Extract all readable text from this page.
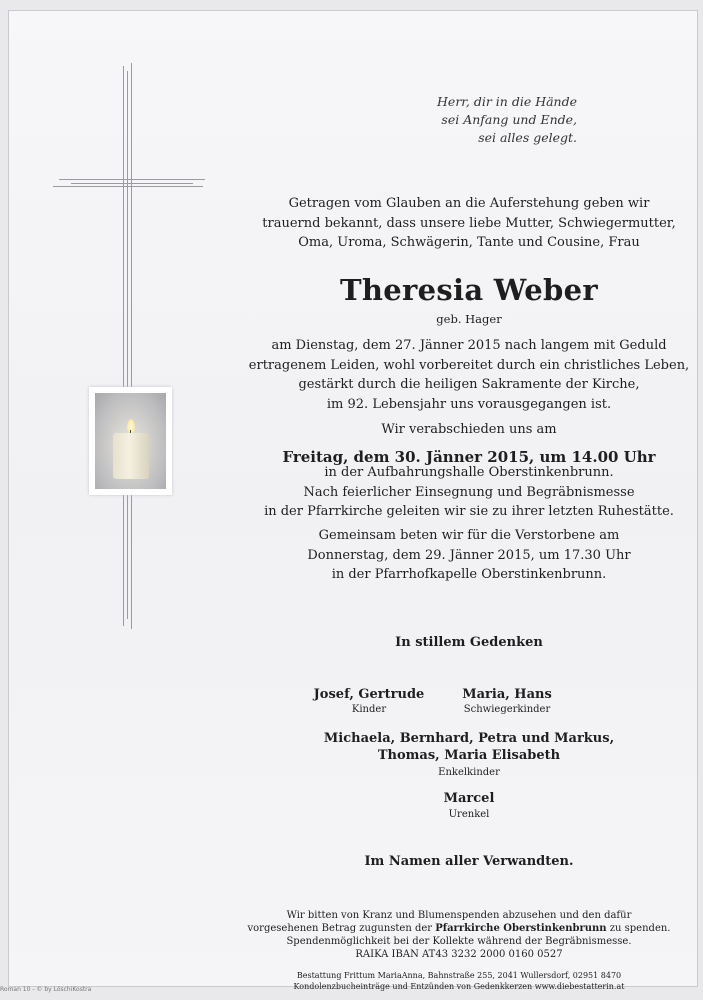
Herr, dir in die Hände
sei Anfang und Ende,
sei alles gelegt.
Getragen vom Glauben an die Auferstehung geben wir
trauernd bekannt, dass unsere liebe Mutter, Schwiegermutter,
Oma, Uroma, Schwägerin, Tante und Cousine, Frau
Theresia Weber
geb. Hager
am Dienstag, dem 27. Jänner 2015 nach langem mit Geduld
ertragenem Leiden, wohl vorbereitet durch ein christliches Leben,
gestärkt durch die heiligen Sakramente der Kirche,
im 92. Lebensjahr uns vorausgegangen ist.
Wir verabschieden uns am
Freitag, dem 30. Jänner 2015, um 14.00 Uhr
in der Aufbahrungshalle Oberstinkenbrunn.
Nach feierlicher Einsegnung und Begräbnismesse
in der Pfarrkirche geleiten wir sie zu ihrer letzten Ruhestätte.
Gemeinsam beten wir für die Verstorbene am
Donnerstag, dem 29. Jänner 2015, um 17.30 Uhr
in der Pfarrhofkapelle Oberstinkenbrunn.
In stillem Gedenken
Josef, Gertrude
Kinder
Maria, Hans
Schwiegerkinder
Michaela, Bernhard, Petra und Markus,
Thomas, Maria Elisabeth
Enkelkinder
Marcel
Urenkel
Im Namen aller Verwandten.
Wir bitten von Kranz und Blumenspenden abzusehen und den dafür
vorgesehenen Betrag zugunsten der Pfarrkirche Oberstinkenbrunn zu spenden.
Spendenmöglichkeit bei der Kollekte während der Begräbnismesse.
RAIKA IBAN AT43 3232 2000 0160 0527
Bestattung Frittum MariaAnna, Bahnstraße 255, 2041 Wullersdorf, 02951 8470
Kondolenzbucheinträge und Entzünden von Gedenkkerzen www.diebestatterin.at
Roman 10 - © by LöschiKostra
